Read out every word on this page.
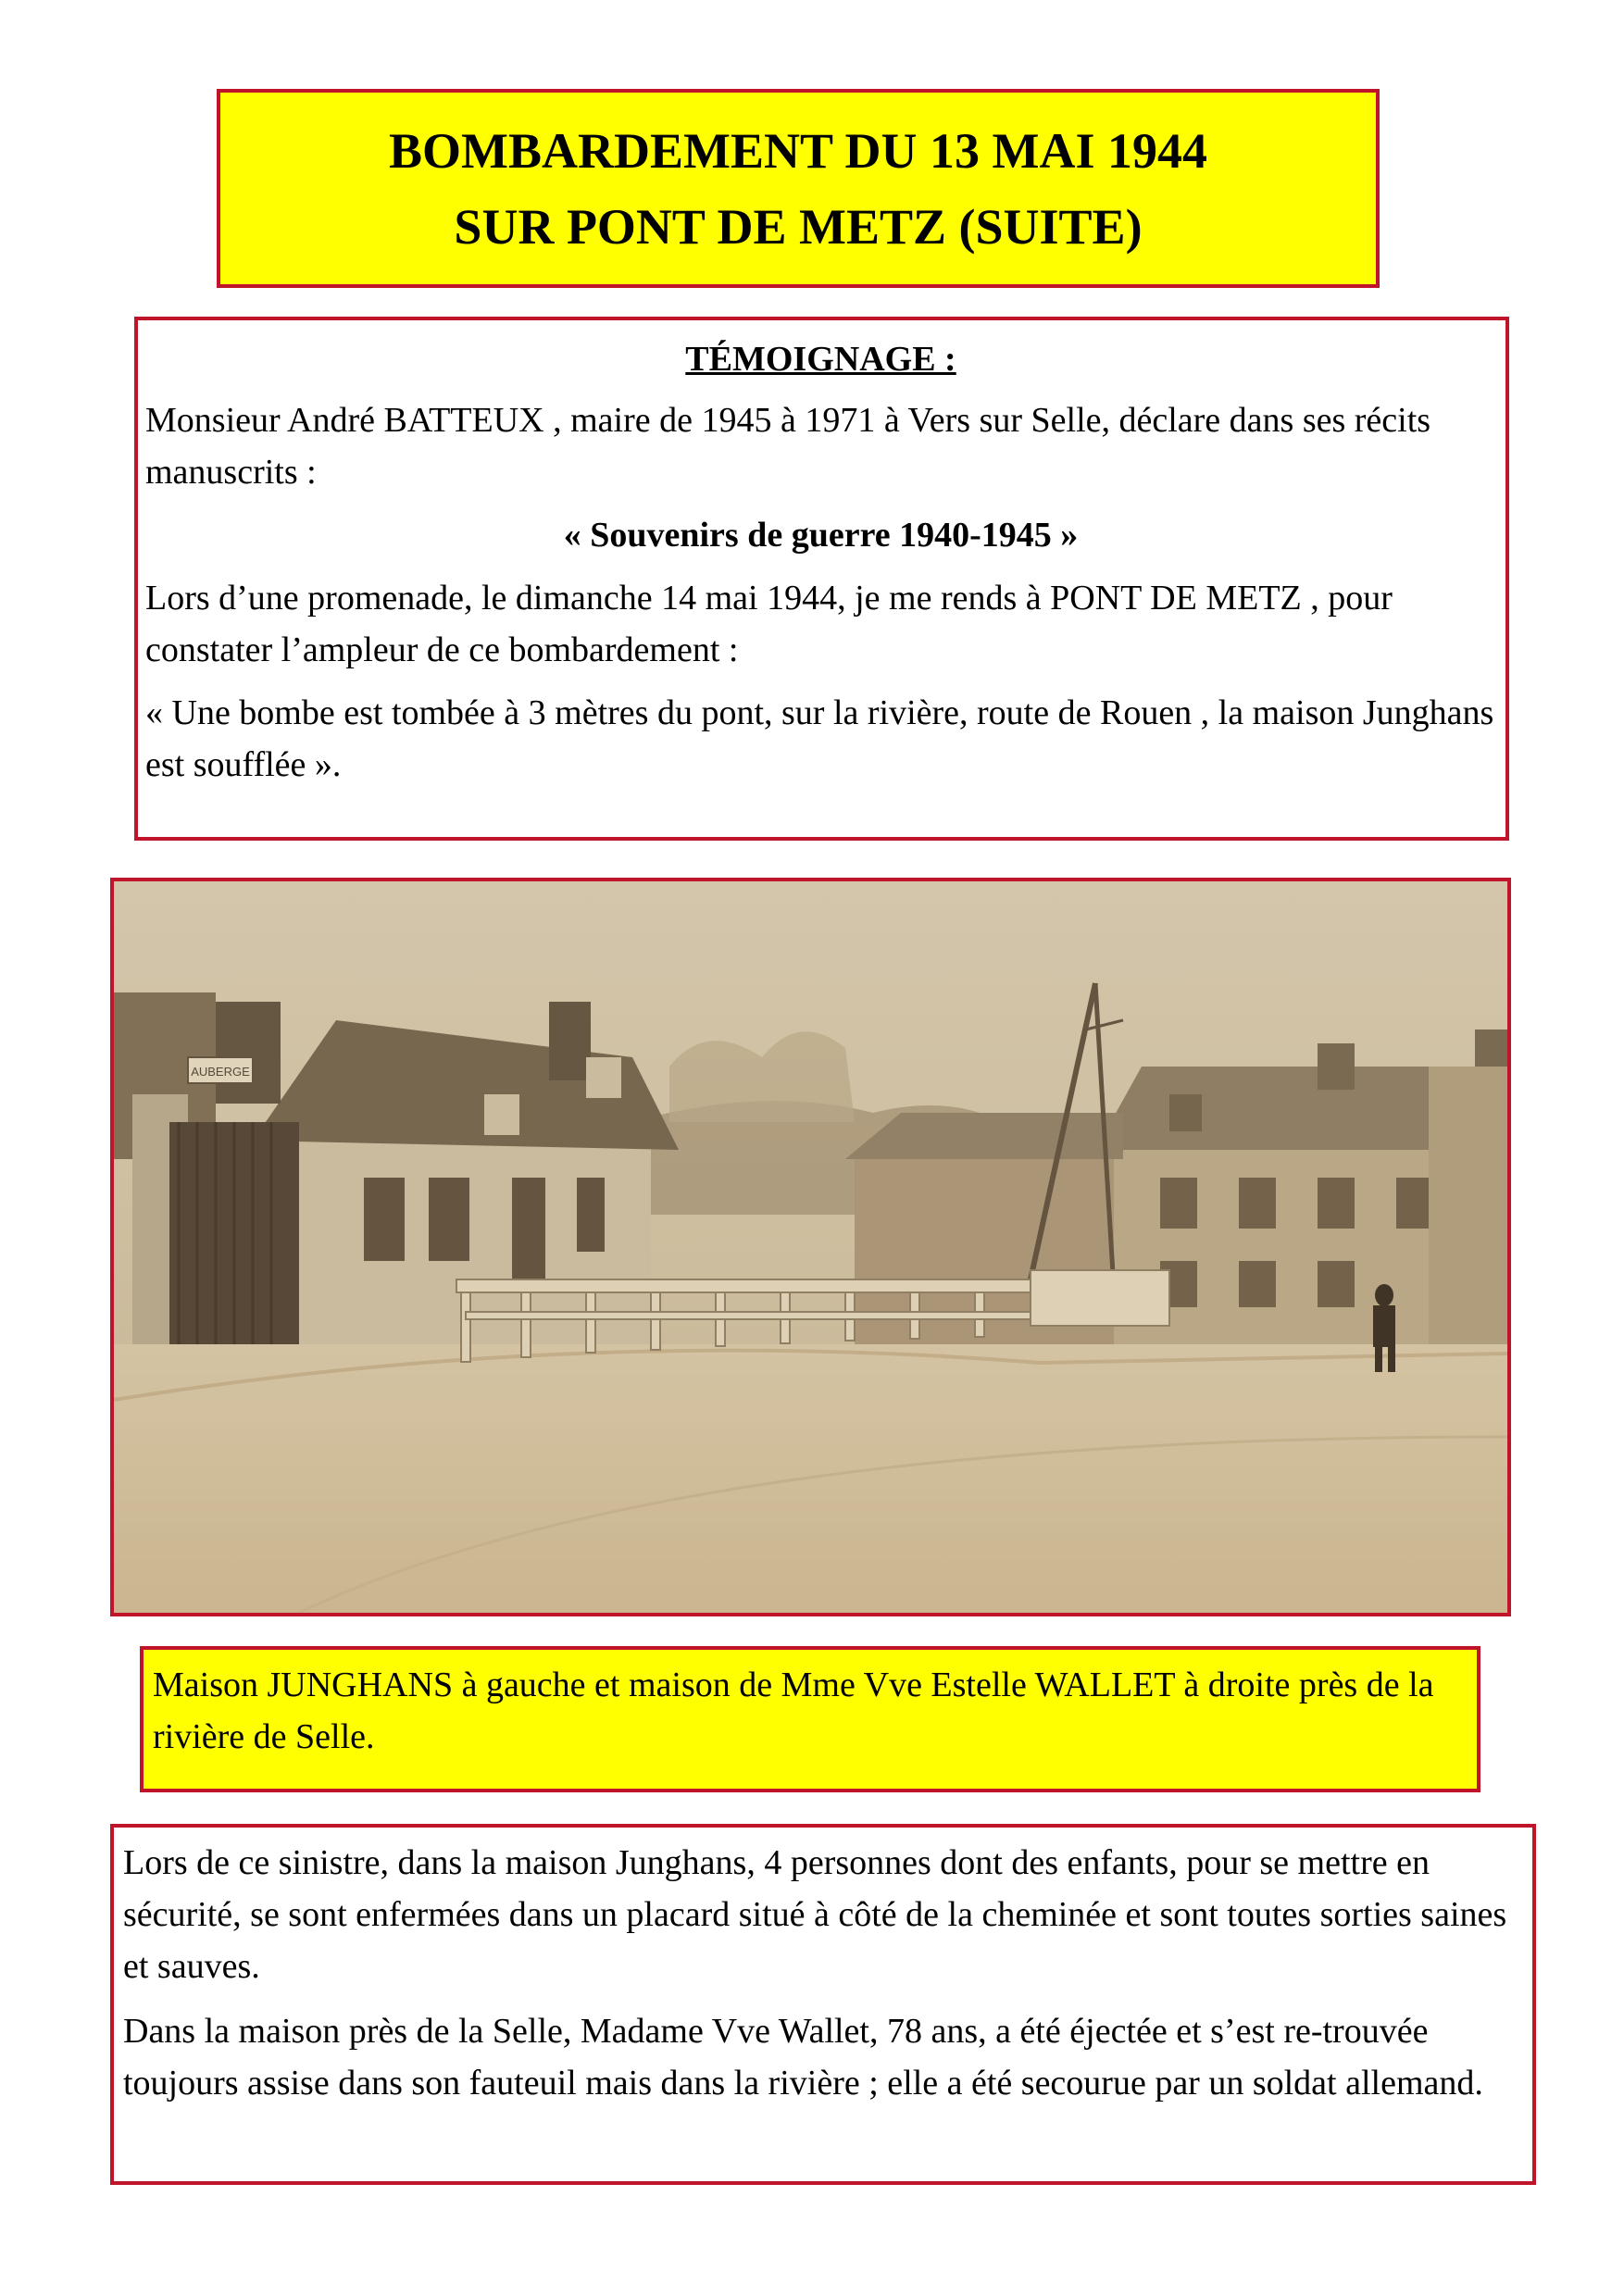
BOMBARDEMENT DU 13 MAI 1944
SUR PONT DE METZ (SUITE)

TÉMOIGNAGE :

Monsieur André BATTEUX , maire de 1945 à 1971 à Vers sur Selle, déclare dans ses récits manuscrits :

« Souvenirs de guerre 1940-1945 »

Lors d’une promenade, le dimanche 14 mai 1944, je me rends à PONT DE METZ , pour constater l’ampleur de ce bombardement :

« Une bombe est tombée à 3 mètres du pont, sur la rivière, route de Rouen , la maison Junghans est soufflée ».

AUBERGE

Maison JUNGHANS à gauche et maison de Mme Vve Estelle WALLET à droite près de la rivière de Selle.

Lors de ce sinistre, dans la maison Junghans, 4 personnes dont des enfants, pour se mettre en sécurité, se sont enfermées dans un placard situé à côté de la cheminée et sont toutes sorties saines et sauves.

Dans la maison près de la Selle, Madame Vve Wallet, 78 ans, a été éjectée et s’est re-trouvée toujours assise dans son fauteuil mais dans la rivière ; elle a été secourue par un soldat allemand.
